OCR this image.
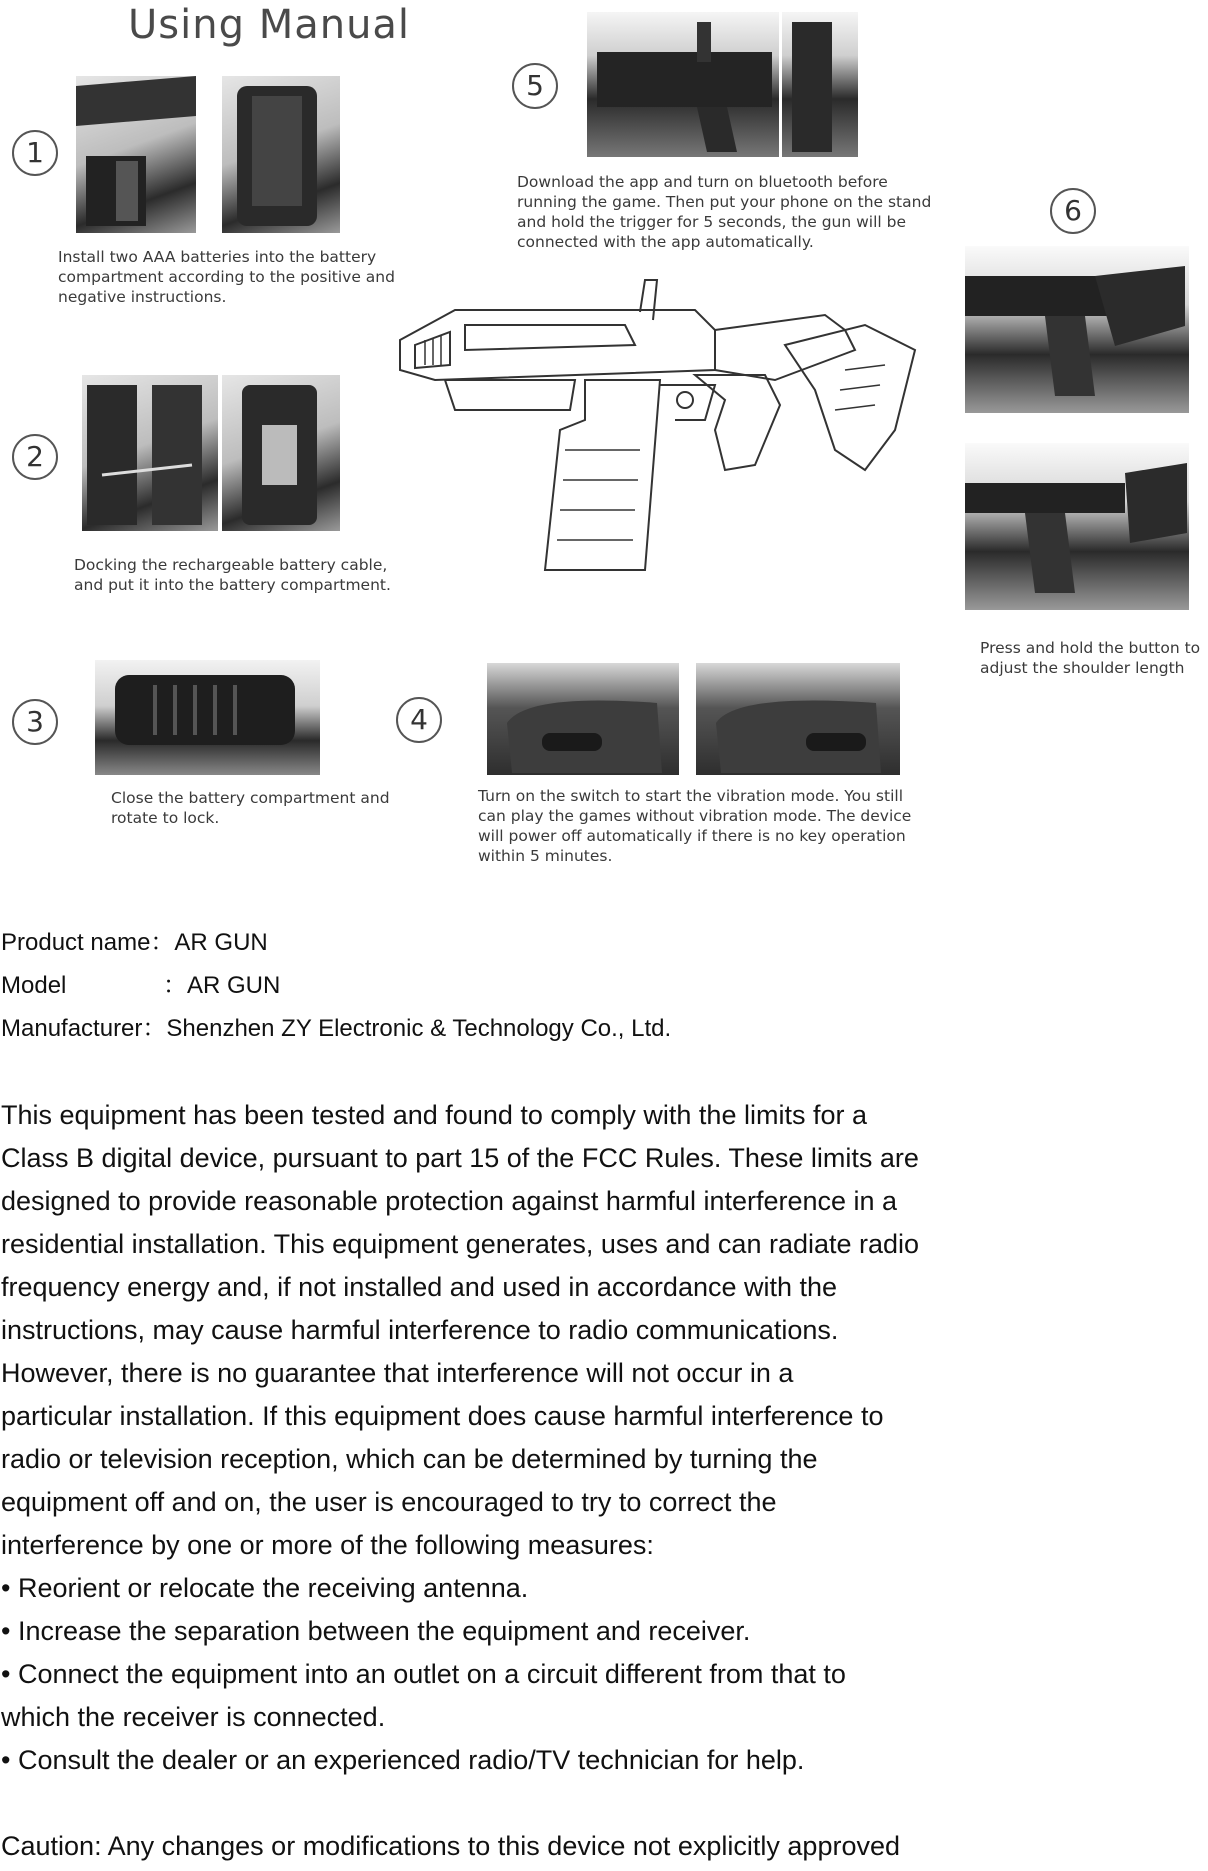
Using Manual
1
Install two AAA batteries into the battery compartment according to the positive and negative instructions.
2
Docking the rechargeable battery cable, and put it into the battery compartment.
3
Close the battery compartment and rotate to lock.
4
Turn on the switch to start the vibration mode. You still can play the games without vibration mode. The device will power off automatically if there is no key operation within 5 minutes.
5
Download the app and turn on bluetooth before running the game. Then put your phone on the stand and hold the trigger for 5 seconds, the gun will be connected with the app automatically.
6
Press and hold the button to adjust the shoulder length
Product name：AR GUN
Model	：AR GUN
Manufacturer：Shenzhen ZY Electronic & Technology Co., Ltd.

This equipment has been tested and found to comply with the limits for a

Class B digital device, pursuant to part 15 of the FCC Rules. These limits are

designed to provide reasonable protection against harmful interference in a

residential installation. This equipment generates, uses and can radiate radio

frequency energy and, if not installed and used in accordance with the

instructions, may cause harmful interference to radio communications.

However, there is no guarantee that interference will not occur in a

particular installation. If this equipment does cause harmful interference to

radio or television reception, which can be determined by turning the

equipment off and on, the user is encouraged to try to correct the

interference by one or more of the following measures:

• Reorient or relocate the receiving antenna.

• Increase the separation between the equipment and receiver.

• Connect the equipment into an outlet on a circuit different from that to

which the receiver is connected.

• Consult the dealer or an experienced radio/TV technician for help.

Caution: Any changes or modifications to this device not explicitly approved
